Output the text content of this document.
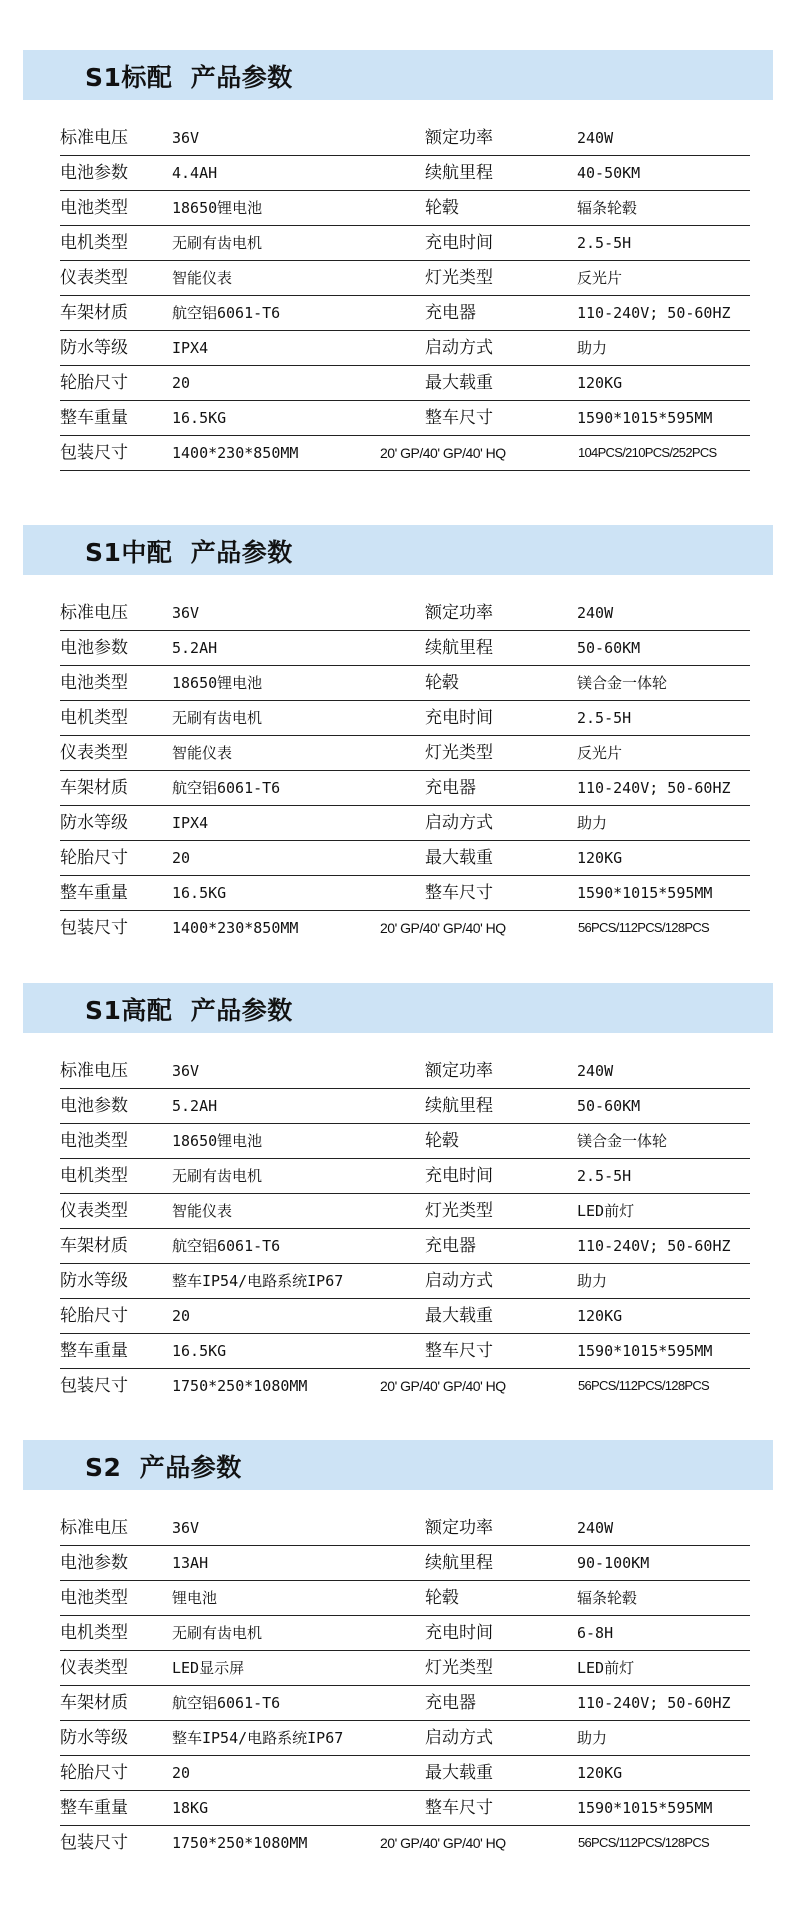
S1标配  产品参数
标准电压	36V	额定功率	240W
电池参数	4.4AH	续航里程	40-50KM
电池类型	18650锂电池	轮毂	辐条轮毂
电机类型	无刷有齿电机	充电时间	2.5-5H
仪表类型	智能仪表	灯光类型	反光片
车架材质	航空铝6061-T6	充电器	110-240V; 50-60HZ
防水等级	IPX4	启动方式	助力
轮胎尺寸	20	最大载重	120KG
整车重量	16.5KG	整车尺寸	1590*1015*595MM
包装尺寸	1400*230*850MM	20' GP/40' GP/40' HQ	104PCS/210PCS/252PCS
S1中配  产品参数
标准电压	36V	额定功率	240W
电池参数	5.2AH	续航里程	50-60KM
电池类型	18650锂电池	轮毂	镁合金一体轮
电机类型	无刷有齿电机	充电时间	2.5-5H
仪表类型	智能仪表	灯光类型	反光片
车架材质	航空铝6061-T6	充电器	110-240V; 50-60HZ
防水等级	IPX4	启动方式	助力
轮胎尺寸	20	最大载重	120KG
整车重量	16.5KG	整车尺寸	1590*1015*595MM
包装尺寸	1400*230*850MM	20' GP/40' GP/40' HQ	56PCS/112PCS/128PCS
S1高配  产品参数
标准电压	36V	额定功率	240W
电池参数	5.2AH	续航里程	50-60KM
电池类型	18650锂电池	轮毂	镁合金一体轮
电机类型	无刷有齿电机	充电时间	2.5-5H
仪表类型	智能仪表	灯光类型	LED前灯
车架材质	航空铝6061-T6	充电器	110-240V; 50-60HZ
防水等级	整车IP54/电路系统IP67	启动方式	助力
轮胎尺寸	20	最大载重	120KG
整车重量	16.5KG	整车尺寸	1590*1015*595MM
包装尺寸	1750*250*1080MM	20' GP/40' GP/40' HQ	56PCS/112PCS/128PCS
S2  产品参数
标准电压	36V	额定功率	240W
电池参数	13AH	续航里程	90-100KM
电池类型	锂电池	轮毂	辐条轮毂
电机类型	无刷有齿电机	充电时间	6-8H
仪表类型	LED显示屏	灯光类型	LED前灯
车架材质	航空铝6061-T6	充电器	110-240V; 50-60HZ
防水等级	整车IP54/电路系统IP67	启动方式	助力
轮胎尺寸	20	最大载重	120KG
整车重量	18KG	整车尺寸	1590*1015*595MM
包装尺寸	1750*250*1080MM	20' GP/40' GP/40' HQ	56PCS/112PCS/128PCS
